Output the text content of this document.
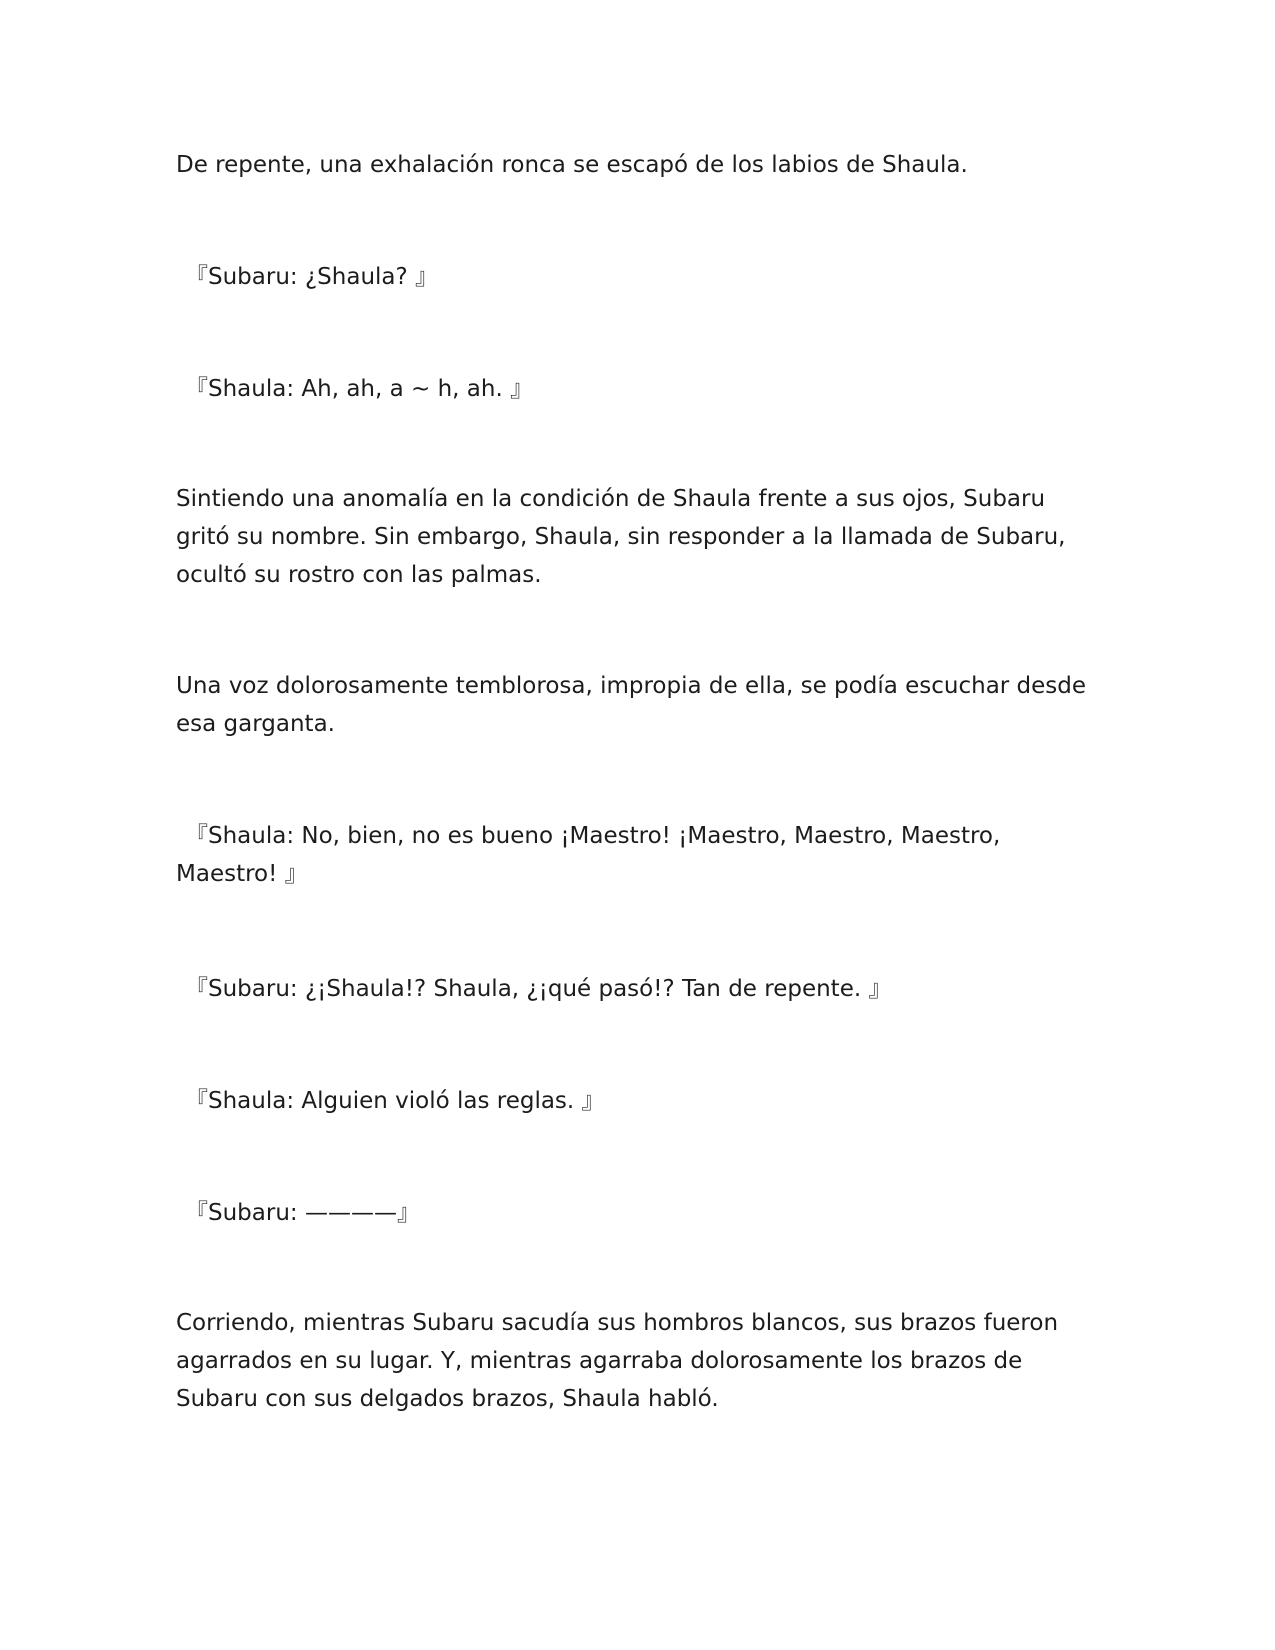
De repente, una exhalación ronca se escapó de los labios de Shaula.

『Subaru: ¿Shaula? 』

『Shaula: Ah, ah, a ~ h, ah. 』

Sintiendo una anomalía en la condición de Shaula frente a sus ojos, Subaru gritó su nombre. Sin embargo, Shaula, sin responder a la llamada de Subaru, ocultó su rostro con las palmas.

Una voz dolorosamente temblorosa, impropia de ella, se podía escuchar desde esa garganta.

『Shaula: No, bien, no es bueno ¡Maestro! ¡Maestro, Maestro, Maestro, Maestro! 』

『Subaru: ¿¡Shaula!? Shaula, ¿¡qué pasó!? Tan de repente. 』

『Shaula: Alguien violó las reglas. 』

『Subaru: ————』

Corriendo, mientras Subaru sacudía sus hombros blancos, sus brazos fueron agarrados en su lugar. Y, mientras agarraba dolorosamente los brazos de Subaru con sus delgados brazos, Shaula habló.
